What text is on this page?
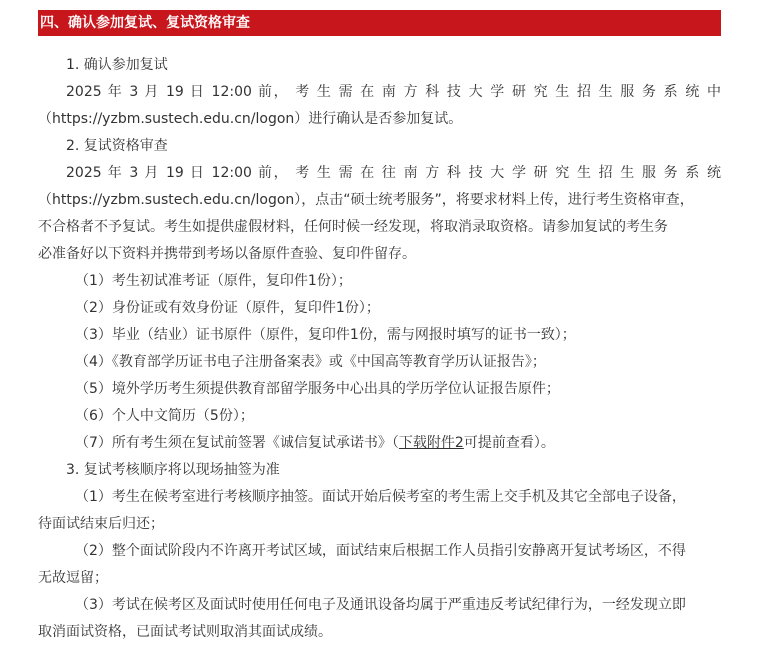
四、确认参加复试、复试资格审查

1. 确认参加复试

2025 年 3 月 19 日 12:00 前， 考 生 需 在 南 方 科 技 大 学 研 究 生 招 生 服 务 系 统 中

（https://yzbm.sustech.edu.cn/logon）进行确认是否参加复试。

2. 复试资格审查

2025 年 3 月 19 日 12:00 前， 考 生 需 在 往 南 方 科 技 大 学 研 究 生 招 生 服 务 系 统

（https://yzbm.sustech.edu.cn/logon），点击“硕士统考服务”，将要求材料上传，进行考生资格审查，

不合格者不予复试。考生如提供虚假材料，任何时候一经发现，将取消录取资格。请参加复试的考生务

必准备好以下资料并携带到考场以备原件查验、复印件留存。

（1）考生初试准考证（原件，复印件1份）；

（2）身份证或有效身份证（原件，复印件1份）；

（3）毕业（结业）证书原件（原件，复印件1份，需与网报时填写的证书一致）；

（4）《教育部学历证书电子注册备案表》或《中国高等教育学历认证报告》；

（5）境外学历考生须提供教育部留学服务中心出具的学历学位认证报告原件；

（6）个人中文简历（5份）；

（7）所有考生须在复试前签署《诚信复试承诺书》（下载附件2可提前查看）。

3. 复试考核顺序将以现场抽签为准

（1）考生在候考室进行考核顺序抽签。面试开始后候考室的考生需上交手机及其它全部电子设备，

待面试结束后归还；

（2）整个面试阶段内不许离开考试区域，面试结束后根据工作人员指引安静离开复试考场区，不得

无故逗留；

（3）考试在候考区及面试时使用任何电子及通讯设备均属于严重违反考试纪律行为，一经发现立即

取消面试资格，已面试考试则取消其面试成绩。
